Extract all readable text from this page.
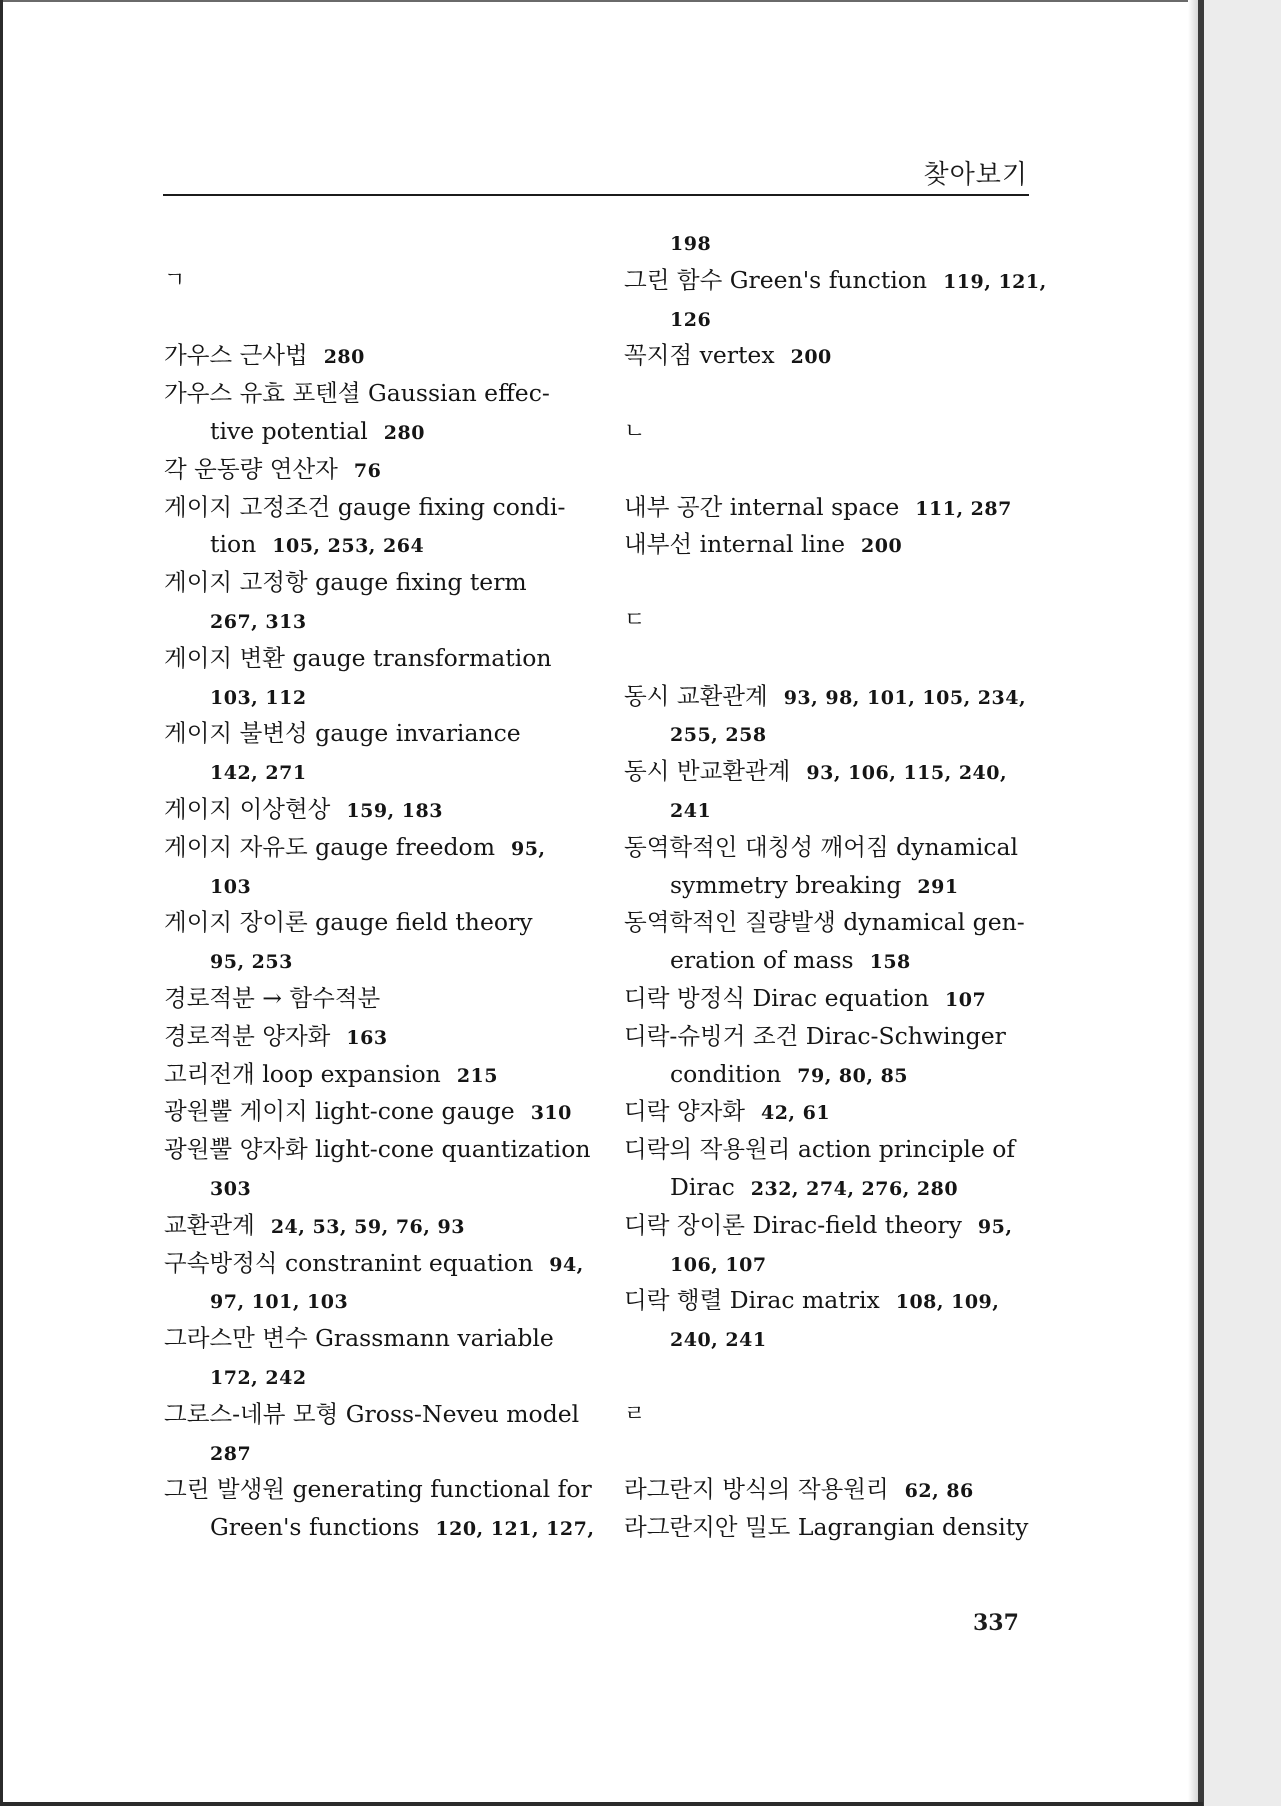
찾아보기
ㄱ
가우스 근사법 280
가우스 유효 포텐셜 Gaussian effec-
tive potential 280
각 운동량 연산자 76
게이지 고정조건 gauge fixing condi-
tion 105, 253, 264
게이지 고정항 gauge fixing term
267, 313
게이지 변환 gauge transformation
103, 112
게이지 불변성 gauge invariance
142, 271
게이지 이상현상 159, 183
게이지 자유도 gauge freedom 95,
103
게이지 장이론 gauge field theory
95, 253
경로적분 → 함수적분
경로적분 양자화 163
고리전개 loop expansion 215
광원뿔 게이지 light-cone gauge 310
광원뿔 양자화 light-cone quantization
303
교환관계 24, 53, 59, 76, 93
구속방정식 constranint equation 94,
97, 101, 103
그라스만 변수 Grassmann variable
172, 242
그로스-네뷰 모형 Gross-Neveu model
287
그린 발생원 generating functional for
Green's functions 120, 121, 127,
198
그린 함수 Green's function 119, 121,
126
꼭지점 vertex 200
ㄴ
내부 공간 internal space 111, 287
내부선 internal line 200
ㄷ
동시 교환관계 93, 98, 101, 105, 234,
255, 258
동시 반교환관계 93, 106, 115, 240,
241
동역학적인 대칭성 깨어짐 dynamical
symmetry breaking 291
동역학적인 질량발생 dynamical gen-
eration of mass 158
디락 방정식 Dirac equation 107
디락-슈빙거 조건 Dirac-Schwinger
condition 79, 80, 85
디락 양자화 42, 61
디락의 작용원리 action principle of
Dirac 232, 274, 276, 280
디락 장이론 Dirac-field theory 95,
106, 107
디락 행렬 Dirac matrix 108, 109,
240, 241
ㄹ
라그란지 방식의 작용원리 62, 86
라그란지안 밀도 Lagrangian density
337
